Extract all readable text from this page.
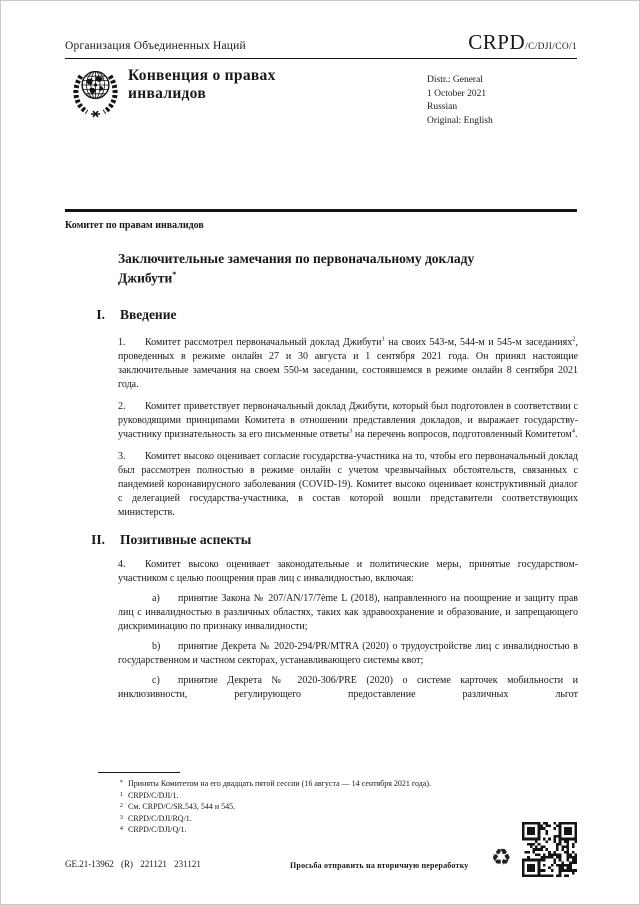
Организация Объединенных Наций	CRPD/C/DJI/CO/1
Конвенция о правах инвалидов
Distr.: General
1 October 2021
Russian
Original: English
Комитет по правам инвалидов
Заключительные замечания по первоначальному докладу Джибути*
I. Введение

1. Комитет рассмотрел первоначальный доклад Джибути$^1$ на своих 543-м, 544-м и 545-м заседаниях$^2$, проведенных в режиме онлайн 27 и 30 августа и 1 сентября 2021 года. Он принял настоящие заключительные замечания на своем 550-м заседании, состоявшемся в режиме онлайн 8 сентября 2021 года.

2. Комитет приветствует первоначальный доклад Джибути, который был подготовлен в соответствии с руководящими принципами Комитета в отношении представления докладов, и выражает государству-участнику признательность за его письменные ответы$^3$ на перечень вопросов, подготовленный Комитетом$^4$.

3. Комитет высоко оценивает согласие государства-участника на то, чтобы его первоначальный доклад был рассмотрен полностью в режиме онлайн с учетом чрезвычайных обстоятельств, связанных с пандемией коронавирусного заболевания (COVID-19). Комитет высоко оценивает конструктивный диалог с делегацией государства-участника, в состав которой вошли представители соответствующих министерств.

II. Позитивные аспекты

4. Комитет высоко оценивает законодательные и политические меры, принятые государством-участником с целью поощрения прав лиц с инвалидностью, включая:

a) принятие Закона № 207/AN/17/7ème L (2018), направленного на поощрение и защиту прав лиц с инвалидностью в различных областях, таких как здравоохранение и образование, и запрещающего дискриминацию по признаку инвалидности;

b) принятие Декрета № 2020-294/PR/MTRA (2020) о трудоустройстве лиц с инвалидностью в государственном и частном секторах, устанавливающего системы квот;

c) принятие Декрета № 2020-306/PRE (2020) о системе карточек мобильности и инклюзивности, регулирующего предоставление различных льгот

* Приняты Комитетом на его двадцать пятой сессии (16 августа — 14 сентября 2021 года).
1 CRPD/C/DJI/1.
2 См. CRPD/C/SR.543, 544 и 545.
3 CRPD/C/DJI/RQ/1.
4 CRPD/C/DJI/Q/1.
GE.21-13962 (R) 221121 231121	Просьба отправить на вторичную переработку ♻
